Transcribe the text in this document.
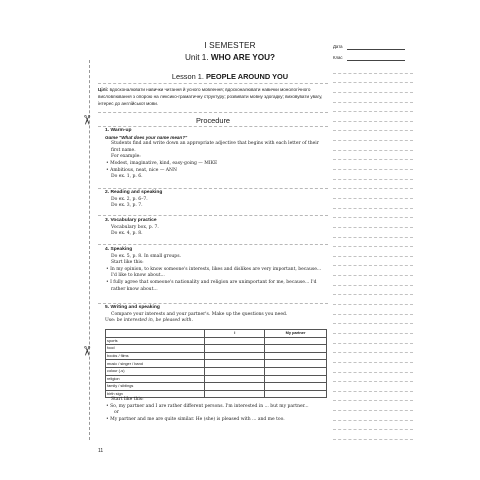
I SEMESTER
Unit 1. WHO ARE YOU?
Lesson 1. PEOPLE AROUND YOU
Цілі: вдосконалювати навички читання й усного мовлення; вдосконалювати навички монологічного висловлювання з опорою на лексико-граматичну структуру; розвивати мовну здогадку; виховувати увагу, інтерес до англійської мови.
Procedure
1. Warm-up
Game "What does your name mean?"
Students find and write down an appropriate adjective that begins with each letter of their first name.
For example:
• Modest, imaginative, kind, easy-going — MIKE
• Ambitious, neat, nice — ANN
Do ex. 1, p. 6.
2. Reading and speaking
Do ex. 2, p. 6–7.
Do ex. 3, p. 7.
3. Vocabulary practice
Vocabulary box, p. 7.
Do ex. 4, p. 8.
4. Speaking
Do ex. 5, p. 8. In small groups.
Start like this:
• In my opinion, to know someone's interests, likes and dislikes are very important, because... I'd like to know about...
• I fully agree that someone's nationality and religion are unimportant for me, because... I'd rather know about...
5. Writing and speaking
Compare your interests and your partner's. Make up the questions you need.
Use: be interested in, be pleased with.
	I	My partner
sports		
food		
books / films		
music / singer / band		
colour (-s)		
religion		
family / siblings		
birth sign		
Start like this:
• So, my partner and I are rather different persons. I'm interested in ... but my partner...
or
• My partner and me are quite similar. He (she) is pleased with ... and me too.
11
✂
✂
Дата
Клас
